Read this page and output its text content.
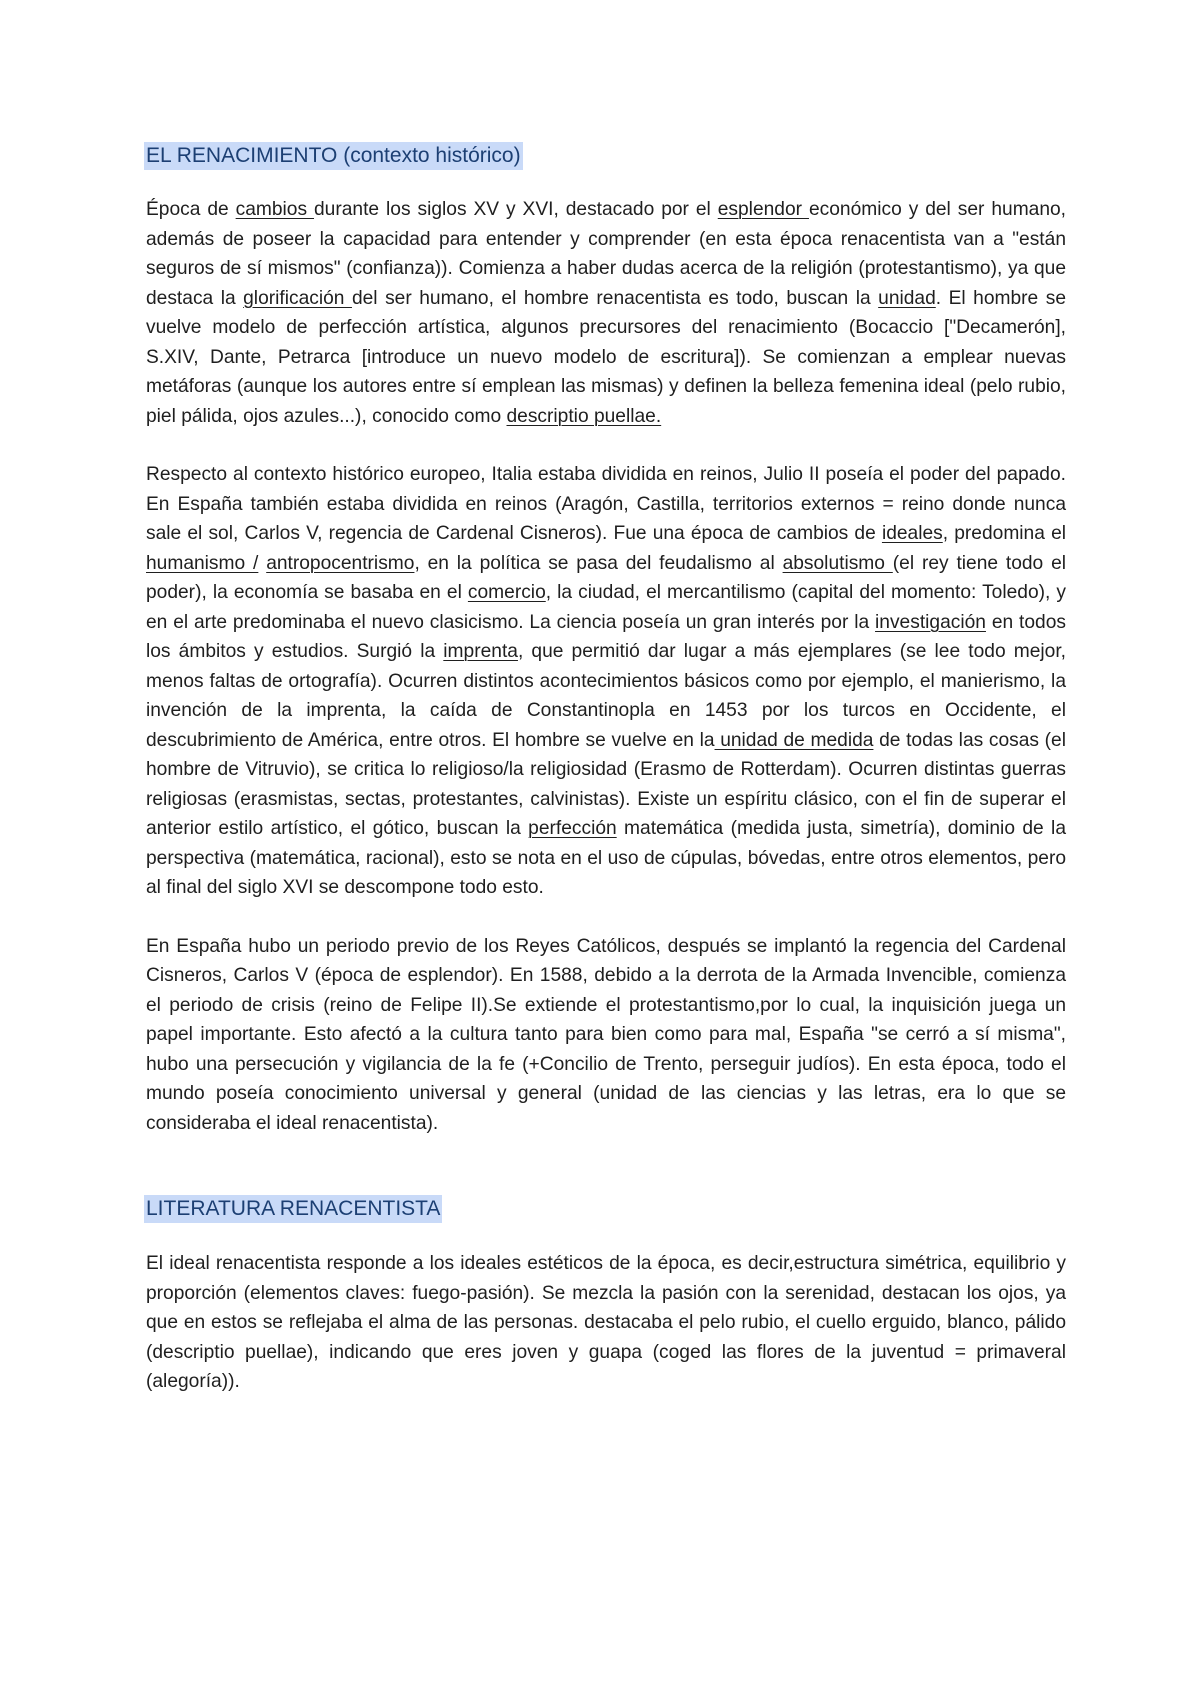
EL RENACIMIENTO (contexto histórico)

Época de cambios durante los siglos XV y XVI, destacado por el esplendor económico y del ser humano, además de poseer la capacidad para entender y comprender (en esta época renacentista van a "están seguros de sí mismos" (confianza)). Comienza a haber dudas acerca de la religión (protestantismo), ya que destaca la glorificación del ser humano, el hombre renacentista es todo, buscan la unidad. El hombre se vuelve modelo de perfección artística, algunos precursores del renacimiento (Bocaccio ["Decamerón], S.XIV, Dante, Petrarca [introduce un nuevo modelo de escritura]). Se comienzan a emplear nuevas metáforas (aunque los autores entre sí emplean las mismas) y definen la belleza femenina ideal (pelo rubio, piel pálida, ojos azules...), conocido como descriptio puellae.

Respecto al contexto histórico europeo, Italia estaba dividida en reinos, Julio II poseía el poder del papado. En España también estaba dividida en reinos (Aragón, Castilla, territorios externos = reino donde nunca sale el sol, Carlos V, regencia de Cardenal Cisneros). Fue una época de cambios de ideales, predomina el humanismo / antropocentrismo, en la política se pasa del feudalismo al absolutismo (el rey tiene todo el poder), la economía se basaba en el comercio, la ciudad, el mercantilismo (capital del momento: Toledo), y en el arte predominaba el nuevo clasicismo. La ciencia poseía un gran interés por la investigación en todos los ámbitos y estudios. Surgió la imprenta, que permitió dar lugar a más ejemplares (se lee todo mejor, menos faltas de ortografía). Ocurren distintos acontecimientos básicos como por ejemplo, el manierismo, la invención de la imprenta, la caída de Constantinopla en 1453 por los turcos en Occidente, el descubrimiento de América, entre otros. El hombre se vuelve en la unidad de medida de todas las cosas (el hombre de Vitruvio), se critica lo religioso/la religiosidad (Erasmo de Rotterdam). Ocurren distintas guerras religiosas (erasmistas, sectas, protestantes, calvinistas). Existe un espíritu clásico, con el fin de superar el anterior estilo artístico, el gótico, buscan la perfección matemática (medida justa, simetría), dominio de la perspectiva (matemática, racional), esto se nota en el uso de cúpulas, bóvedas, entre otros elementos, pero al final del siglo XVI se descompone todo esto.

En España hubo un periodo previo de los Reyes Católicos, después se implantó la regencia del Cardenal Cisneros, Carlos V (época de esplendor). En 1588, debido a la derrota de la Armada Invencible, comienza el periodo de crisis (reino de Felipe II).Se extiende el protestantismo,por lo cual, la inquisición juega un papel importante. Esto afectó a la cultura tanto para bien como para mal, España "se cerró a sí misma", hubo una persecución y vigilancia de la fe (+Concilio de Trento, perseguir judíos). En esta época, todo el mundo poseía conocimiento universal y general (unidad de las ciencias y las letras, era lo que se consideraba el ideal renacentista).

LITERATURA RENACENTISTA

El ideal renacentista responde a los ideales estéticos de la época, es decir,estructura simétrica, equilibrio y proporción (elementos claves: fuego-pasión). Se mezcla la pasión con la serenidad, destacan los ojos, ya que en estos se reflejaba el alma de las personas. destacaba el pelo rubio, el cuello erguido, blanco, pálido (descriptio puellae), indicando que eres joven y guapa (coged las flores de la juventud = primaveral (alegoría)).
